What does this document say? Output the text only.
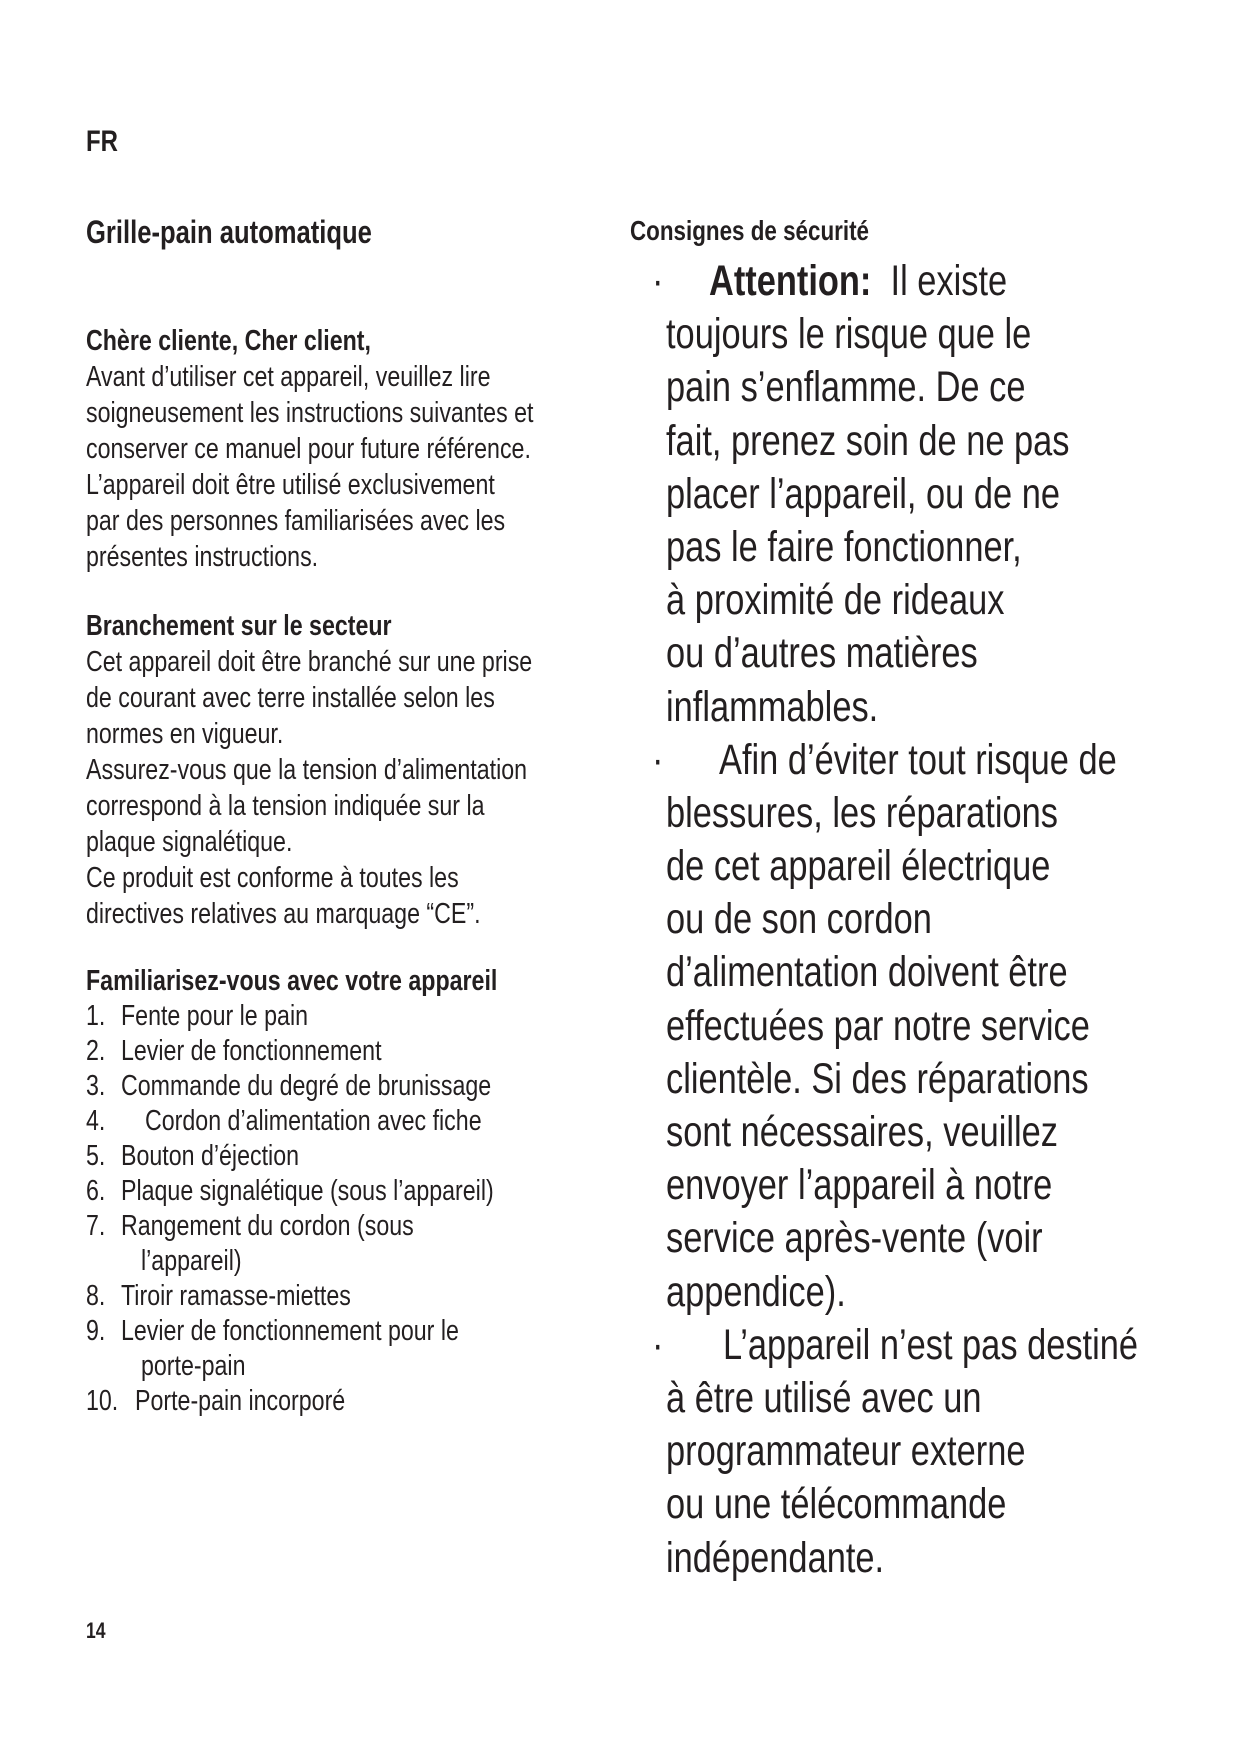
FR
Grille-pain automatique
Chère cliente, Cher client,
Avant d’utiliser cet appareil, veuillez lire
soigneusement les instructions suivantes et
conserver ce manuel pour future référence.
L’appareil doit être utilisé exclusivement
par des personnes familiarisées avec les
présentes instructions.
Branchement sur le secteur
Cet appareil doit être branché sur une prise
de courant avec terre installée selon les
normes en vigueur.
Assurez-vous que la tension d’alimentation
correspond à la tension indiquée sur la
plaque signalétique.
Ce produit est conforme à toutes les
directives relatives au marquage “CE”.
Familiarisez-vous avec votre appareil
1. Fente pour le pain
2. Levier de fonctionnement
3. Commande du degré de brunissage
4. Cordon d’alimentation avec fiche
5. Bouton d’éjection
6. Plaque signalétique (sous l’appareil)
7. Rangement du cordon (sous
l’appareil)
8. Tiroir ramasse-miettes
9. Levier de fonctionnement pour le
porte-pain
10. Porte-pain incorporé
Consignes de sécurité
· Attention: Il existe
toujours le risque que le
pain s’enflamme. De ce
fait, prenez soin de ne pas
placer l’appareil, ou de ne
pas le faire fonctionner,
à proximité de rideaux
ou d’autres matières
inflammables.
· Afin d’éviter tout risque de
blessures, les réparations
de cet appareil électrique
ou de son cordon
d’alimentation doivent être
effectuées par notre service
clientèle. Si des réparations
sont nécessaires, veuillez
envoyer l’appareil à notre
service après-vente (voir
appendice).
· L’appareil n’est pas destiné
à être utilisé avec un
programmateur externe
ou une télécommande
indépendante.
14
